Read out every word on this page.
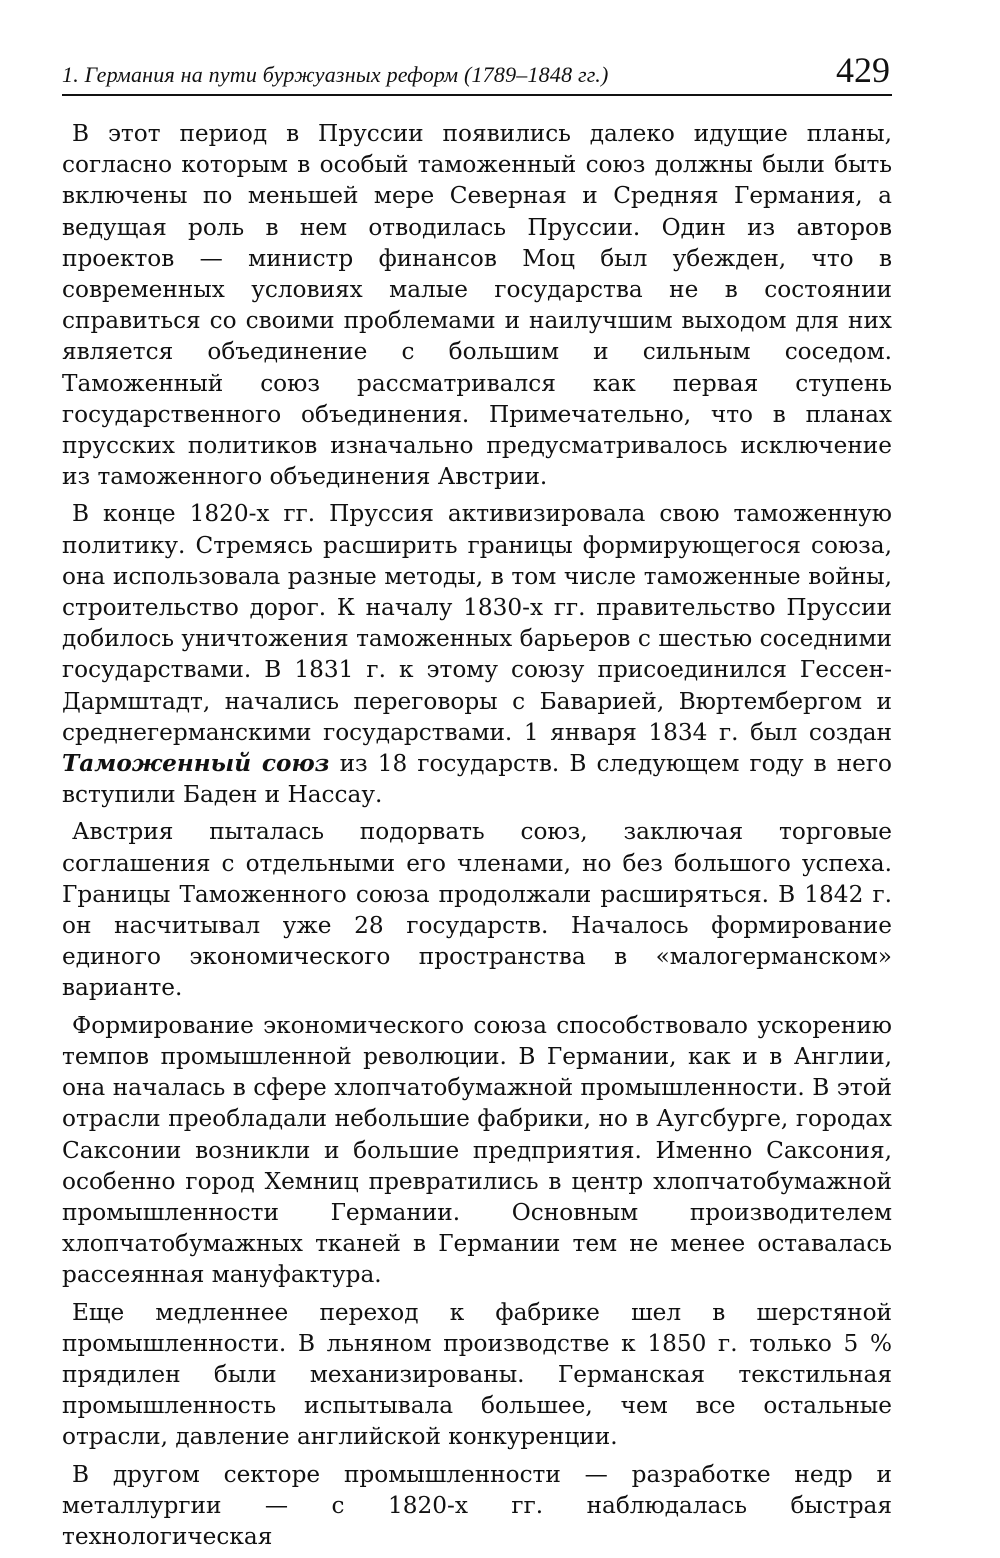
1. Германия на пути буржуазных реформ (1789–1848 гг.)	429

В этот период в Пруссии появились далеко идущие планы, согласно которым в особый таможенный союз должны были быть включены по меньшей мере Северная и Средняя Германия, а ведущая роль в нем отводилась Пруссии. Один из авторов проектов — министр финансов Моц был убежден, что в современных условиях малые государства не в состоянии справиться со своими проблемами и наилучшим выходом для них является объединение с большим и сильным соседом. Таможенный союз рассматривался как первая ступень государственного объединения. Примечательно, что в планах прусских политиков изначально предусматривалось исключение из таможенного объединения Австрии.

В конце 1820-х гг. Пруссия активизировала свою таможенную политику. Стремясь расширить границы формирующегося союза, она использовала разные методы, в том числе таможенные войны, строительство дорог. К началу 1830-х гг. правительство Пруссии добилось уничтожения таможенных барьеров с шестью соседними государствами. В 1831 г. к этому союзу присоединился Гессен-Дармштадт, начались переговоры с Баварией, Вюртембергом и среднегерманскими государствами. 1 января 1834 г. был создан Таможенный союз из 18 государств. В следующем году в него вступили Баден и Нассау.

Австрия пыталась подорвать союз, заключая торговые соглашения с отдельными его членами, но без большого успеха. Границы Таможенного союза продолжали расширяться. В 1842 г. он насчитывал уже 28 государств. Началось формирование единого экономического пространства в «малогерманском» варианте.

Формирование экономического союза способствовало ускорению темпов промышленной революции. В Германии, как и в Англии, она началась в сфере хлопчатобумажной промышленности. В этой отрасли преобладали небольшие фабрики, но в Аугсбурге, городах Саксонии возникли и большие предприятия. Именно Саксония, особенно город Хемниц превратились в центр хлопчатобумажной промышленности Германии. Основным производителем хлопчатобумажных тканей в Германии тем не менее оставалась рассеянная мануфактура.

Еще медленнее переход к фабрике шел в шерстяной промышленности. В льняном производстве к 1850 г. только 5 % прядилен были механизированы. Германская текстильная промышленность испытывала большее, чем все остальные отрасли, давление английской конкуренции.

В другом секторе промышленности — разработке недр и металлургии — с 1820-х гг. наблюдалась быстрая технологическая
